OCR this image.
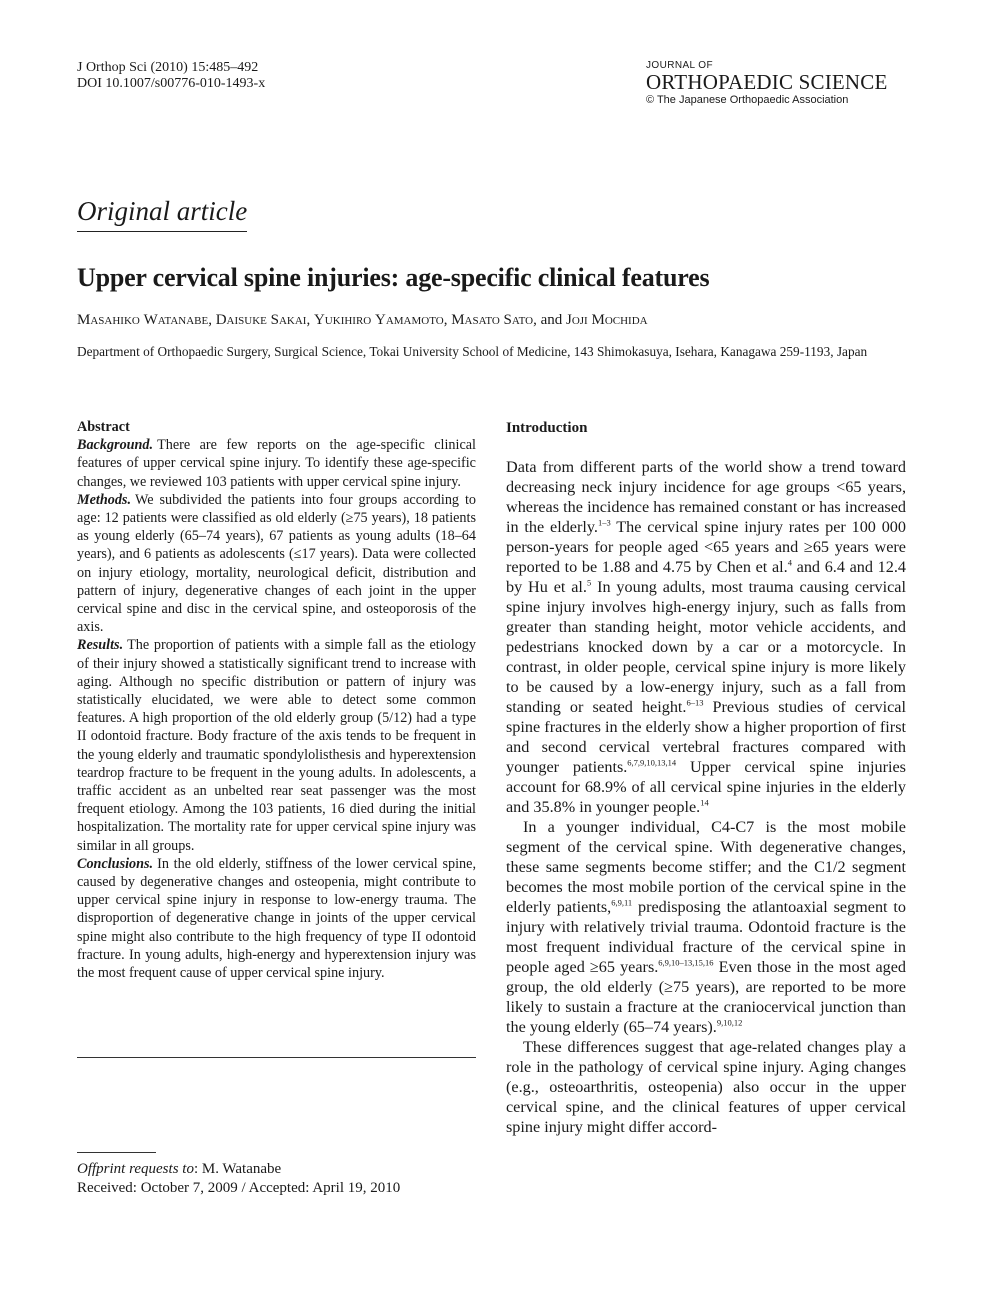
J Orthop Sci (2010) 15:485–492
DOI 10.1007/s00776-010-1493-x
JOURNAL OF
ORTHOPAEDIC SCIENCE
© The Japanese Orthopaedic Association
Original article
Upper cervical spine injuries: age-specific clinical features
Masahiko Watanabe, Daisuke Sakai, Yukihiro Yamamoto, Masato Sato, and Joji Mochida
Department of Orthopaedic Surgery, Surgical Science, Tokai University School of Medicine, 143 Shimokasuya, Isehara, Kanagawa 259-1193, Japan
Abstract

Background. There are few reports on the age-specific clinical features of upper cervical spine injury. To identify these age-specific changes, we reviewed 103 patients with upper cervical spine injury.

Methods. We subdivided the patients into four groups according to age: 12 patients were classified as old elderly (≥75 years), 18 patients as young elderly (65–74 years), 67 patients as young adults (18–64 years), and 6 patients as adolescents (≤17 years). Data were collected on injury etiology, mortality, neurological deficit, distribution and pattern of injury, degenerative changes of each joint in the upper cervical spine and disc in the cervical spine, and osteoporosis of the axis.

Results. The proportion of patients with a simple fall as the etiology of their injury showed a statistically significant trend to increase with aging. Although no specific distribution or pattern of injury was statistically elucidated, we were able to detect some common features. A high proportion of the old elderly group (5/12) had a type II odontoid fracture. Body fracture of the axis tends to be frequent in the young elderly and traumatic spondylolisthesis and hyperextension teardrop fracture to be frequent in the young adults. In adolescents, a traffic accident as an unbelted rear seat passenger was the most frequent etiology. Among the 103 patients, 16 died during the initial hospitalization. The mortality rate for upper cervical spine injury was similar in all groups.

Conclusions. In the old elderly, stiffness of the lower cervical spine, caused by degenerative changes and osteopenia, might contribute to upper cervical spine injury in response to low-energy trauma. The disproportion of degenerative change in joints of the upper cervical spine might also contribute to the high frequency of type II odontoid fracture. In young adults, high-energy and hyperextension injury was the most frequent cause of upper cervical spine injury.

Offprint requests to: M. Watanabe
Received: October 7, 2009 / Accepted: April 19, 2010
Introduction

Data from different parts of the world show a trend toward decreasing neck injury incidence for age groups <65 years, whereas the incidence has remained constant or has increased in the elderly.$^{1-3}$ The cervical spine injury rates per 100 000 person-years for people aged <65 years and ≥65 years were reported to be 1.88 and 4.75 by Chen et al.$^4$ and 6.4 and 12.4 by Hu et al.$^5$ In young adults, most trauma causing cervical spine injury involves high-energy injury, such as falls from greater than standing height, motor vehicle accidents, and pedestrians knocked down by a car or a motorcycle. In contrast, in older people, cervical spine injury is more likely to be caused by a low-energy injury, such as a fall from standing or seated height.$^{6-13}$ Previous studies of cervical spine fractures in the elderly show a higher proportion of first and second cervical vertebral fractures compared with younger patients.$^{6,7,9,10,13,14}$ Upper cervical spine injuries account for 68.9% of all cervical spine injuries in the elderly and 35.8% in younger people.$^{14}$

In a younger individual, C4-C7 is the most mobile segment of the cervical spine. With degenerative changes, these same segments become stiffer; and the C1/2 segment becomes the most mobile portion of the cervical spine in the elderly patients,$^{6,9,11}$ predisposing the atlantoaxial segment to injury with relatively trivial trauma. Odontoid fracture is the most frequent individual fracture of the cervical spine in people aged ≥65 years.$^{6,9,10-13,15,16}$ Even those in the most aged group, the old elderly (≥75 years), are reported to be more likely to sustain a fracture at the craniocervical junction than the young elderly (65–74 years).$^{9,10,12}$

These differences suggest that age-related changes play a role in the pathology of cervical spine injury. Aging changes (e.g., osteoarthritis, osteopenia) also occur in the upper cervical spine, and the clinical features of upper cervical spine injury might differ accord-
